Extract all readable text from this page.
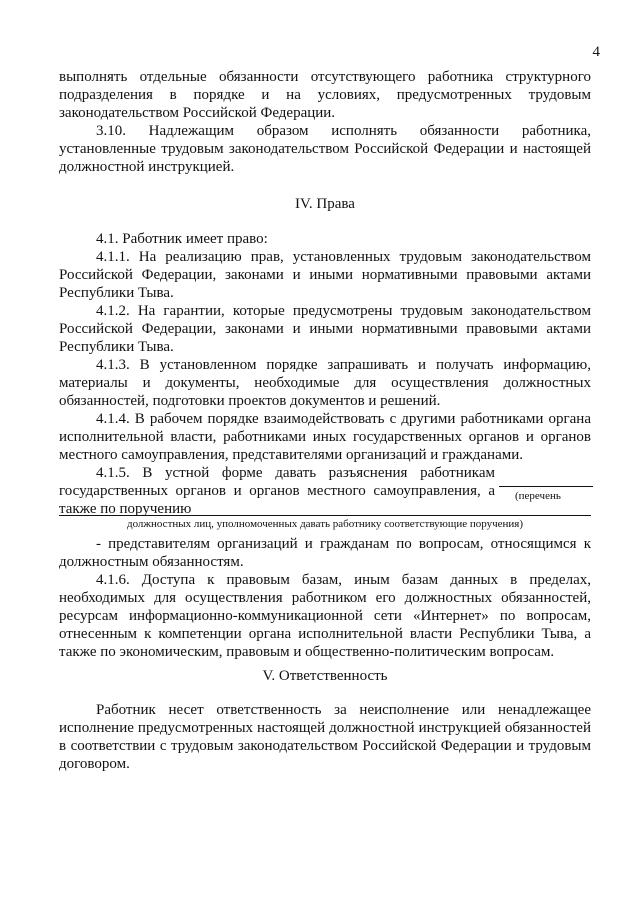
4

выполнять отдельные обязанности отсутствующего работника структурного подразделения в порядке и на условиях, предусмотренных трудовым законодательством Российской Федерации.

3.10. Надлежащим образом исполнять обязанности работника, установленные трудовым законодательством Российской Федерации и настоящей должностной инструкцией.

IV. Права

4.1. Работник имеет право:

4.1.1. На реализацию прав, установленных трудовым законодательством Российской Федерации, законами и иными нормативными правовыми актами Республики Тыва.

4.1.2. На гарантии, которые предусмотрены трудовым законодательством Российской Федерации, законами и иными нормативными правовыми актами Республики Тыва.

4.1.3. В установленном порядке запрашивать и получать информацию, материалы и документы, необходимые для осуществления должностных обязанностей, подготовки проектов документов и решений.

4.1.4. В рабочем порядке взаимодействовать с другими работниками органа исполнительной власти, работниками иных государственных органов и органов местного самоуправления, представителями организаций и гражданами.

4.1.5. В устной форме давать разъяснения работникам государственных органов и органов местного самоуправления, а также по поручению

(перечень
должностных лиц, уполномоченных давать работнику соответствующие поручения)

- представителям организаций и гражданам по вопросам, относящимся к должностным обязанностям.

4.1.6. Доступа к правовым базам, иным базам данных в пределах, необходимых для осуществления работником его должностных обязанностей, ресурсам информационно-коммуникационной сети «Интернет» по вопросам, отнесенным к компетенции органа исполнительной власти Республики Тыва, а также по экономическим, правовым и общественно-политическим вопросам.

V. Ответственность

Работник несет ответственность за неисполнение или ненадлежащее исполнение предусмотренных настоящей должностной инструкцией обязанностей в соответствии с трудовым законодательством Российской Федерации и трудовым договором.
